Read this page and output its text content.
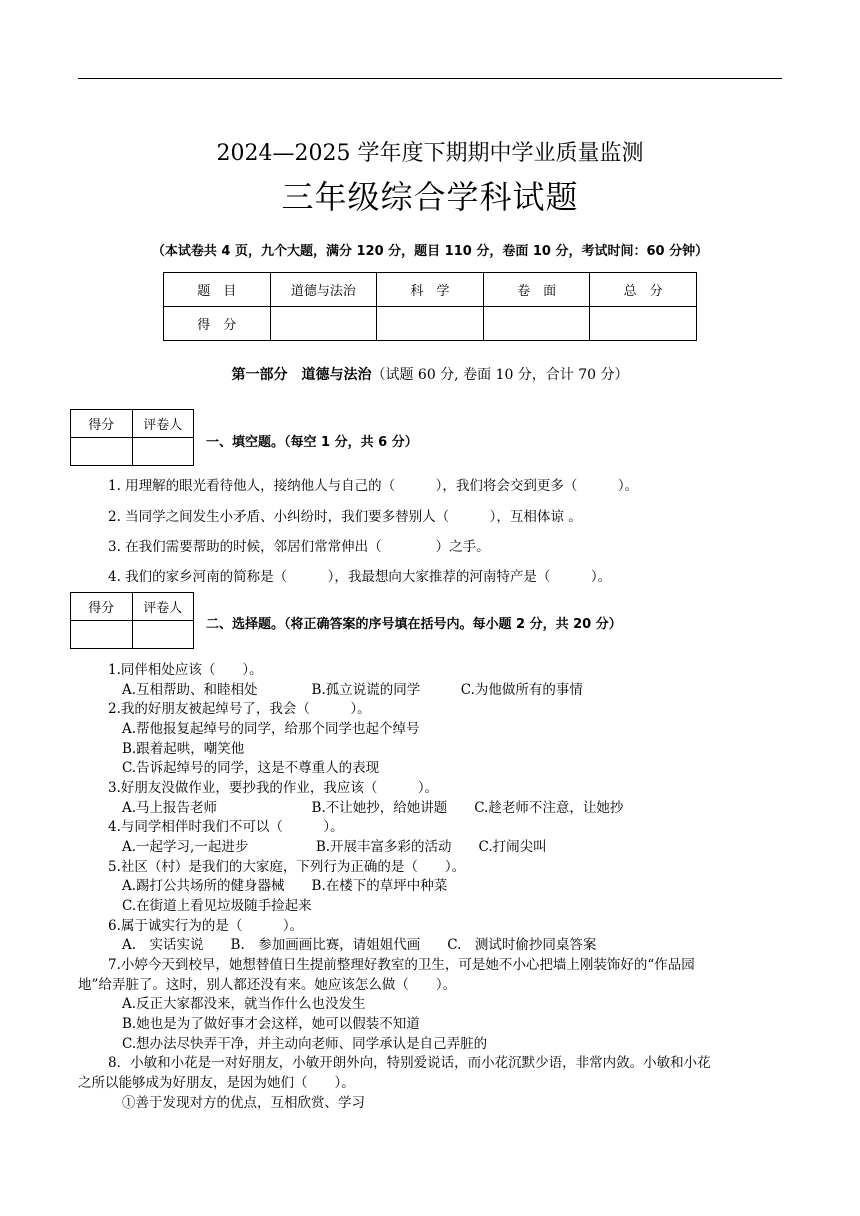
2024—2025 学年度下期期中学业质量监测
三年级综合学科试题
（本试卷共 4 页，九个大题，满分 120 分，题目 110 分，卷面 10 分，考试时间：60 分钟）
题　目	道德与法治	科　学	卷　面	总　分
得　分				
第一部分　道德与法治（试题 60 分, 卷面 10 分，合计 70 分）
得分	评卷人

一、填空题。（每空 1 分，共 6 分）
1. 用理解的眼光看待他人，接纳他人与自己的（　　　），我们将会交到更多（　　　）。
2. 当同学之间发生小矛盾、小纠纷时，我们要多替别人（　　　），互相体谅 。
3. 在我们需要帮助的时候，邻居们常常伸出（　　　　）之手。
4. 我们的家乡河南的简称是（　　　），我最想向大家推荐的河南特产是（　　　）。
得分	评卷人

二、选择题。（将正确答案的序号填在括号内。每小题 2 分，共 20 分）
1.同伴相处应该（　　）。
A.互相帮助、和睦相处　　　　B.孤立说谎的同学　　　C.为他做所有的事情
2.我的好朋友被起绰号了，我会（　　　）。
A.帮他报复起绰号的同学，给那个同学也起个绰号
B.跟着起哄，嘲笑他
C.告诉起绰号的同学，这是不尊重人的表现
3.好朋友没做作业，要抄我的作业，我应该（　　　）。
A.马上报告老师　　　　　　　B.不让她抄，给她讲题　　C.趁老师不注意，让她抄
4.与同学相伴时我们不可以（　　　）。
A.一起学习,一起进步　　　　　B.开展丰富多彩的活动　　C.打闹尖叫
5.社区（村）是我们的大家庭，下列行为正确的是（　　）。
A.踢打公共场所的健身器械　　B.在楼下的草坪中种菜
C.在街道上看见垃圾随手捡起来
6.属于诚实行为的是（　　　）。
A.　实话实说　　B.　参加画画比赛，请姐姐代画　　C.　测试时偷抄同桌答案
7.小婷今天到校早，她想替值日生提前整理好教室的卫生，可是她不小心把墙上刚装饰好的“作品园
地”给弄脏了。这时，别人都还没有来。她应该怎么做（　　）。
A.反正大家都没来，就当作什么也没发生
B.她也是为了做好事才会这样，她可以假装不知道
C.想办法尽快弄干净，并主动向老师、同学承认是自己弄脏的
8．小敏和小花是一对好朋友，小敏开朗外向，特别爱说话，而小花沉默少语，非常内敛。小敏和小花
之所以能够成为好朋友，是因为她们（　　）。
①善于发现对方的优点，互相欣赏、学习
